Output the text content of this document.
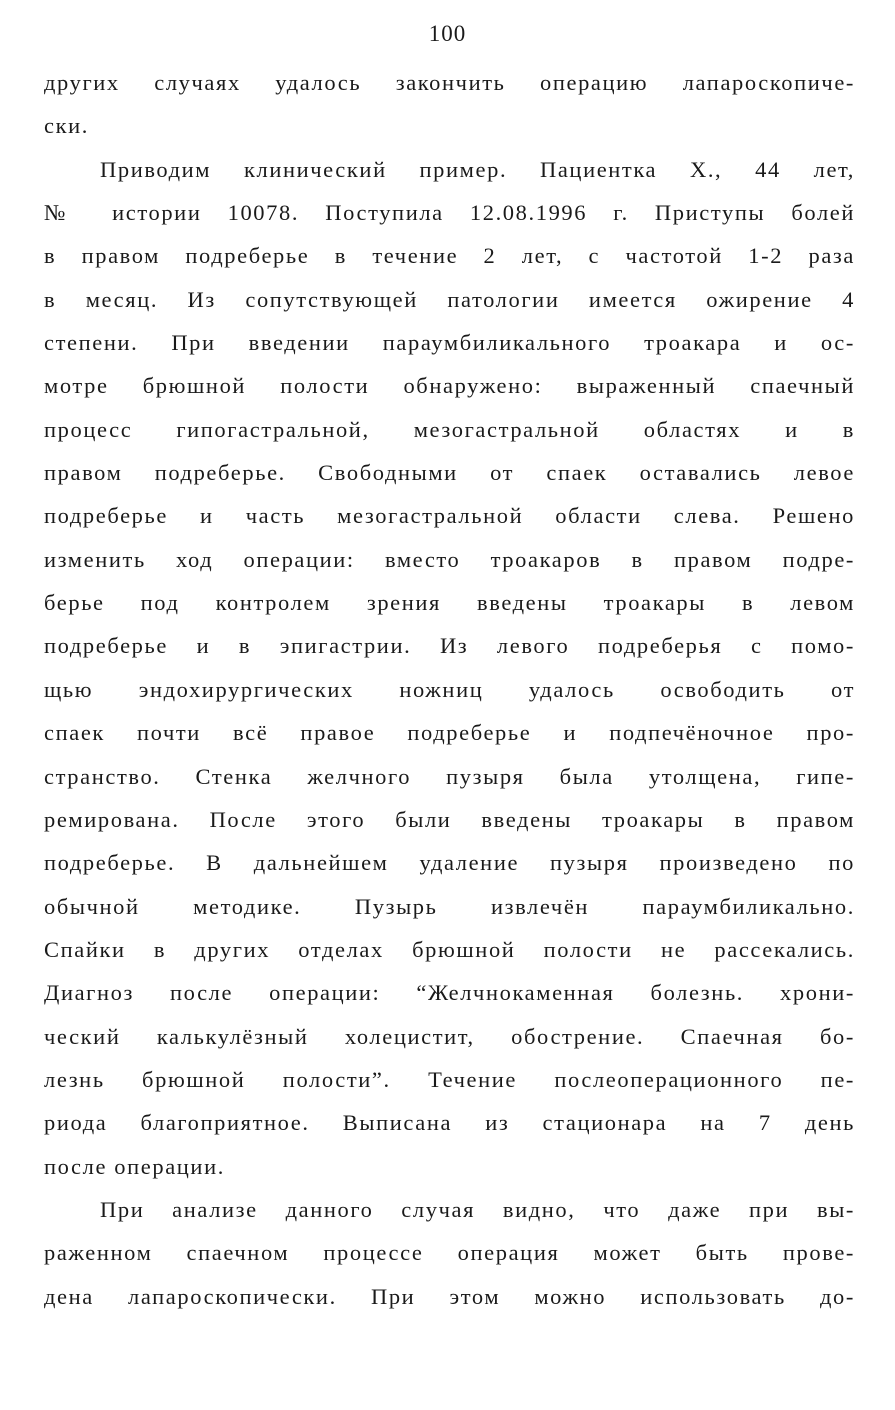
100

других случаях удалось закончить операцию лапароскопиче-
ски.

Приводим клинический пример. Пациентка Х., 44 лет,
№ истории 10078. Поступила 12.08.1996 г. Приступы болей
в правом подреберье в течение 2 лет, с частотой 1-2 раза
в месяц. Из сопутствующей патологии имеется ожирение 4
степени. При введении параумбиликального троакара и ос-
мотре брюшной полости обнаружено: выраженный спаечный
процесс гипогастральной, мезогастральной областях и в
правом подреберье. Свободными от спаек оставались левое
подреберье и часть мезогастральной области слева. Решено
изменить ход операции: вместо троакаров в правом подре-
берье под контролем зрения введены троакары в левом
подреберье и в эпигастрии. Из левого подреберья с помо-
щью эндохирургических ножниц удалось освободить от
спаек почти всё правое подреберье и подпечёночное про-
странство. Стенка желчного пузыря была утолщена, гипе-
ремирована. После этого были введены троакары в правом
подреберье. В дальнейшем удаление пузыря произведено по
обычной методике. Пузырь извлечён параумбиликально.
Спайки в других отделах брюшной полости не рассекались.
Диагноз после операции: “Желчнокаменная болезнь. хрони-
ческий калькулёзный холецистит, обострение. Спаечная бо-
лезнь брюшной полости”. Течение послеоперационного пе-
риода благоприятное. Выписана из стационара на 7 день
после операции.

При анализе данного случая видно, что даже при вы-
раженном спаечном процессе операция может быть прове-
дена лапароскопически. При этом можно использовать до-
